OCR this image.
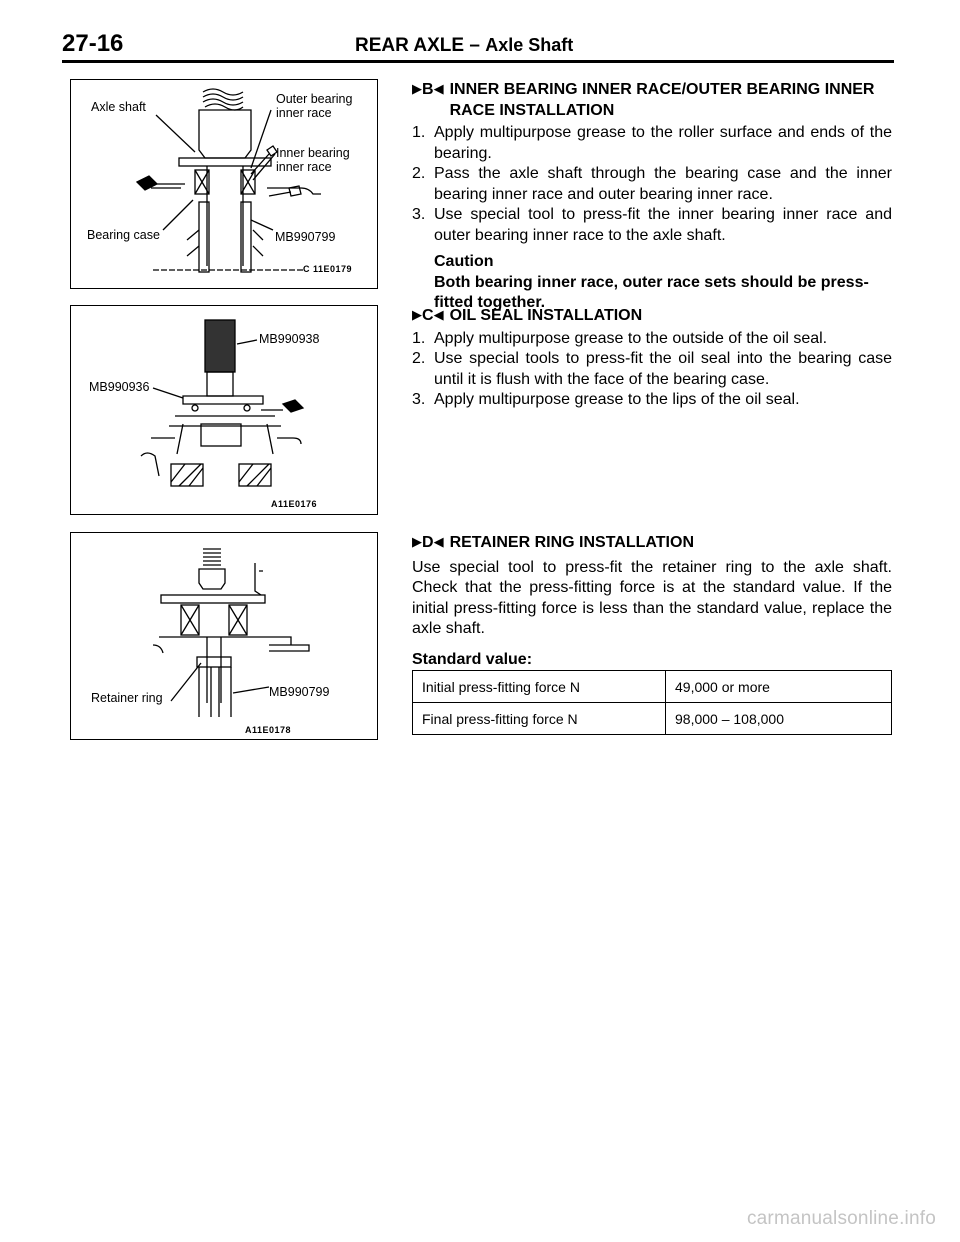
27-16	REAR AXLE – Axle Shaft
Axle shaft
Outer bearing
inner race
Inner bearing
inner race
Bearing case	MB990799
C 11E0179
MB990938
MB990936
A11E0176
Retainer ring	MB990799
A11E0178
▶B◀ INNER BEARING INNER RACE/OUTER BEARING INNER RACE INSTALLATION
1. Apply multipurpose grease to the roller surface and ends of the bearing.
2. Pass the axle shaft through the bearing case and the inner bearing inner race and outer bearing inner race.
3. Use special tool to press-fit the inner bearing inner race and outer bearing inner race to the axle shaft.
Caution
Both bearing inner race, outer race sets should be press-fitted together.
▶C◀ OIL SEAL INSTALLATION
1. Apply multipurpose grease to the outside of the oil seal.
2. Use special tools to press-fit the oil seal into the bearing case until it is flush with the face of the bearing case.
3. Apply multipurpose grease to the lips of the oil seal.
▶D◀ RETAINER RING INSTALLATION
Use special tool to press-fit the retainer ring to the axle shaft. Check that the press-fitting force is at the standard value. If the initial press-fitting force is less than the standard value, replace the axle shaft.
Standard value:
Initial press-fitting force N	49,000 or more
Final press-fitting force N	98,000 – 108,000
carmanualsonline.info
